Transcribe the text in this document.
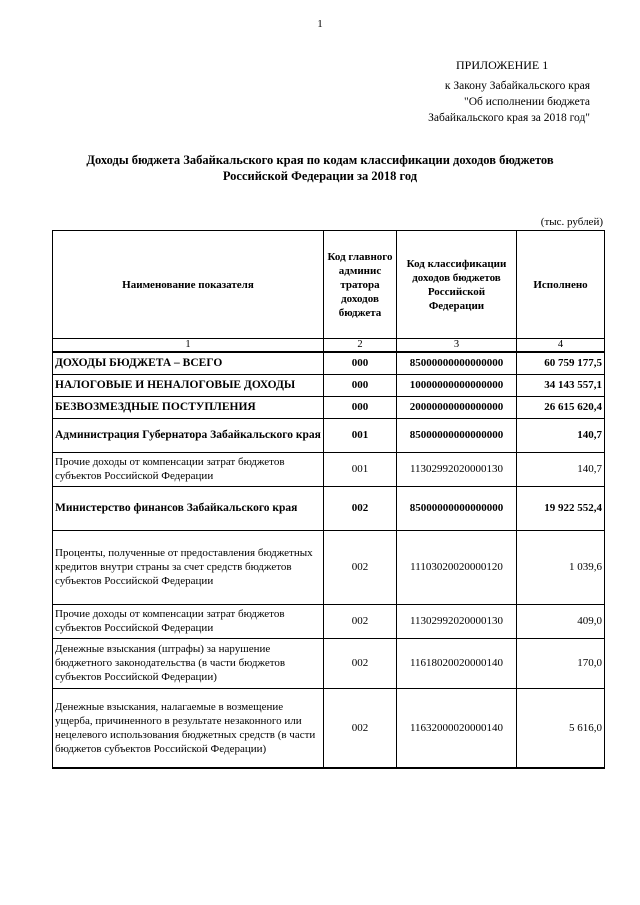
1
ПРИЛОЖЕНИЕ 1
к Закону Забайкальского края
"Об исполнении бюджета
Забайкальского края за 2018 год"
Доходы бюджета Забайкальского края по кодам классификации доходов бюджетов
Российской Федерации за 2018 год
(тыс. рублей)
Наименование показателя	Код главного админис тратора доходов бюджета	Код классификации доходов бюджетов Российской Федерации	Исполнено
1	2	3	4
ДОХОДЫ БЮДЖЕТА – ВСЕГО	000	85000000000000000	60 759 177,5
НАЛОГОВЫЕ И НЕНАЛОГОВЫЕ ДОХОДЫ	000	10000000000000000	34 143 557,1
БЕЗВОЗМЕЗДНЫЕ ПОСТУПЛЕНИЯ	000	20000000000000000	26 615 620,4
Администрация Губернатора Забайкальского края	001	85000000000000000	140,7
Прочие доходы от компенсации затрат бюджетов субъектов Российской Федерации	001	11302992020000130	140,7
Министерство финансов Забайкальского края	002	85000000000000000	19 922 552,4
Проценты, полученные от предоставления бюджетных кредитов внутри страны за счет средств бюджетов субъектов Российской Федерации	002	11103020020000120	1 039,6
Прочие доходы от компенсации затрат бюджетов субъектов Российской Федерации	002	11302992020000130	409,0
Денежные взыскания (штрафы) за нарушение бюджетного законодательства (в части бюджетов субъектов Российской Федерации)	002	11618020020000140	170,0
Денежные взыскания, налагаемые в возмещение ущерба, причиненного в результате незаконного или нецелевого использования бюджетных средств (в части бюджетов субъектов Российской Федерации)	002	11632000020000140	5 616,0
